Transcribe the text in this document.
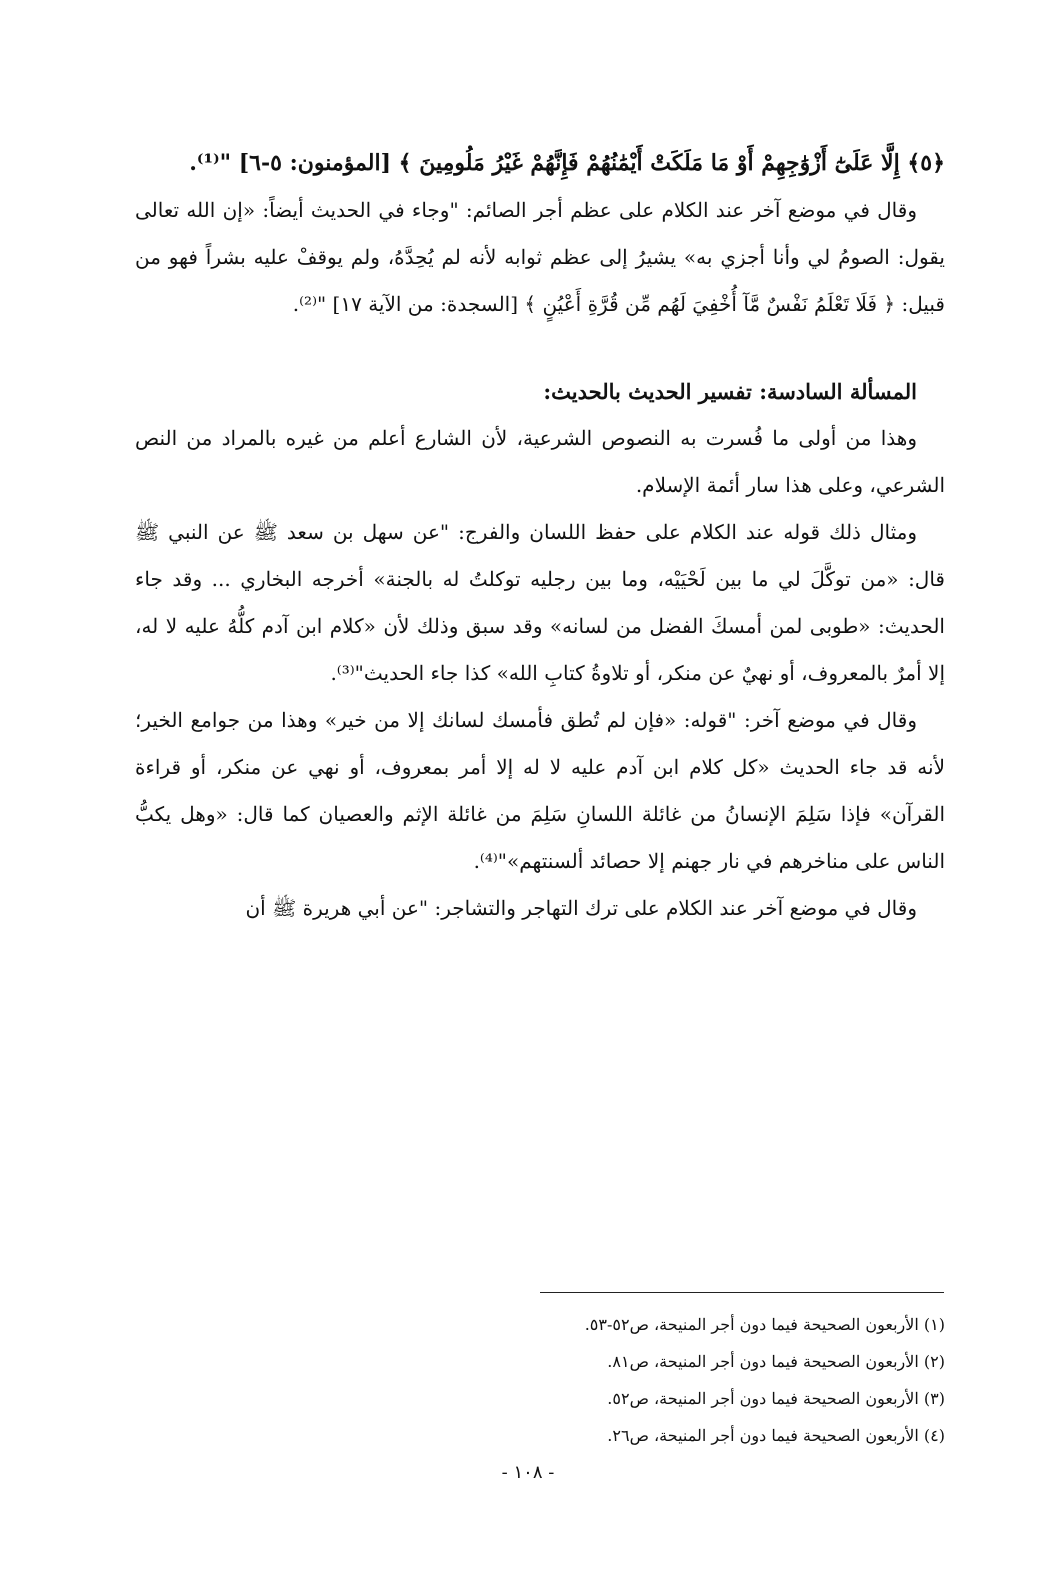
﴿٥﴾ إِلَّا عَلَىٰٓ أَزْوَٰجِهِمْ أَوْ مَا مَلَكَتْ أَيْمَٰنُهُمْ فَإِنَّهُمْ غَيْرُ مَلُومِينَ ﴾ [المؤمنون: ٥-٦] "⁽¹⁾.

وقال في موضع آخر عند الكلام على عظم أجر الصائم: "وجاء في الحديث أيضاً: «إن الله تعالى يقول: الصومُ لي وأنا أجزي به» يشيرُ إلى عظم ثوابه لأنه لم يُحِدَّهُ، ولم يوقفْ عليه بشراً فهو من قبيل: ﴿ فَلَا تَعْلَمُ نَفْسٌ مَّآ أُخْفِيَ لَهُم مِّن قُرَّةِ أَعْيُنٍ ﴾ [السجدة: من الآية ١٧] "⁽²⁾.

المسألة السادسة: تفسير الحديث بالحديث:

وهذا من أولى ما فُسرت به النصوص الشرعية، لأن الشارع أعلم من غيره بالمراد من النص الشرعي، وعلى هذا سار أئمة الإسلام.

ومثال ذلك قوله عند الكلام على حفظ اللسان والفرج: "عن سهل بن سعد ﷺ عن النبي ﷺ قال: «من توكَّلَ لي ما بين لَحْيَيْه، وما بين رجليه توكلتُ له بالجنة» أخرجه البخاري ... وقد جاء الحديث: «طوبى لمن أمسكَ الفضل من لسانه» وقد سبق وذلك لأن «كلام ابن آدم كلُّهُ عليه لا له، إلا أمرٌ بالمعروف، أو نهيٌ عن منكر، أو تلاوةُ كتابِ الله» كذا جاء الحديث"⁽³⁾.

وقال في موضع آخر: "قوله: «فإن لم تُطق فأمسك لسانك إلا من خير» وهذا من جوامع الخير؛ لأنه قد جاء الحديث «كل كلام ابن آدم عليه لا له إلا أمر بمعروف، أو نهي عن منكر، أو قراءة القرآن» فإذا سَلِمَ الإنسانُ من غائلة اللسانِ سَلِمَ من غائلة الإثم والعصيان كما قال: «وهل يكبُّ الناس على مناخرهم في نار جهنم إلا حصائد ألسنتهم»"⁽⁴⁾.

وقال في موضع آخر عند الكلام على ترك التهاجر والتشاجر: "عن أبي هريرة ﷺ أن

(١) الأربعون الصحيحة فيما دون أجر المنيحة، ص٥٢-٥٣.

(٢) الأربعون الصحيحة فيما دون أجر المنيحة، ص٨١.

(٣) الأربعون الصحيحة فيما دون أجر المنيحة، ص٥٢.

(٤) الأربعون الصحيحة فيما دون أجر المنيحة، ص٢٦.

- ١٠٨ -
